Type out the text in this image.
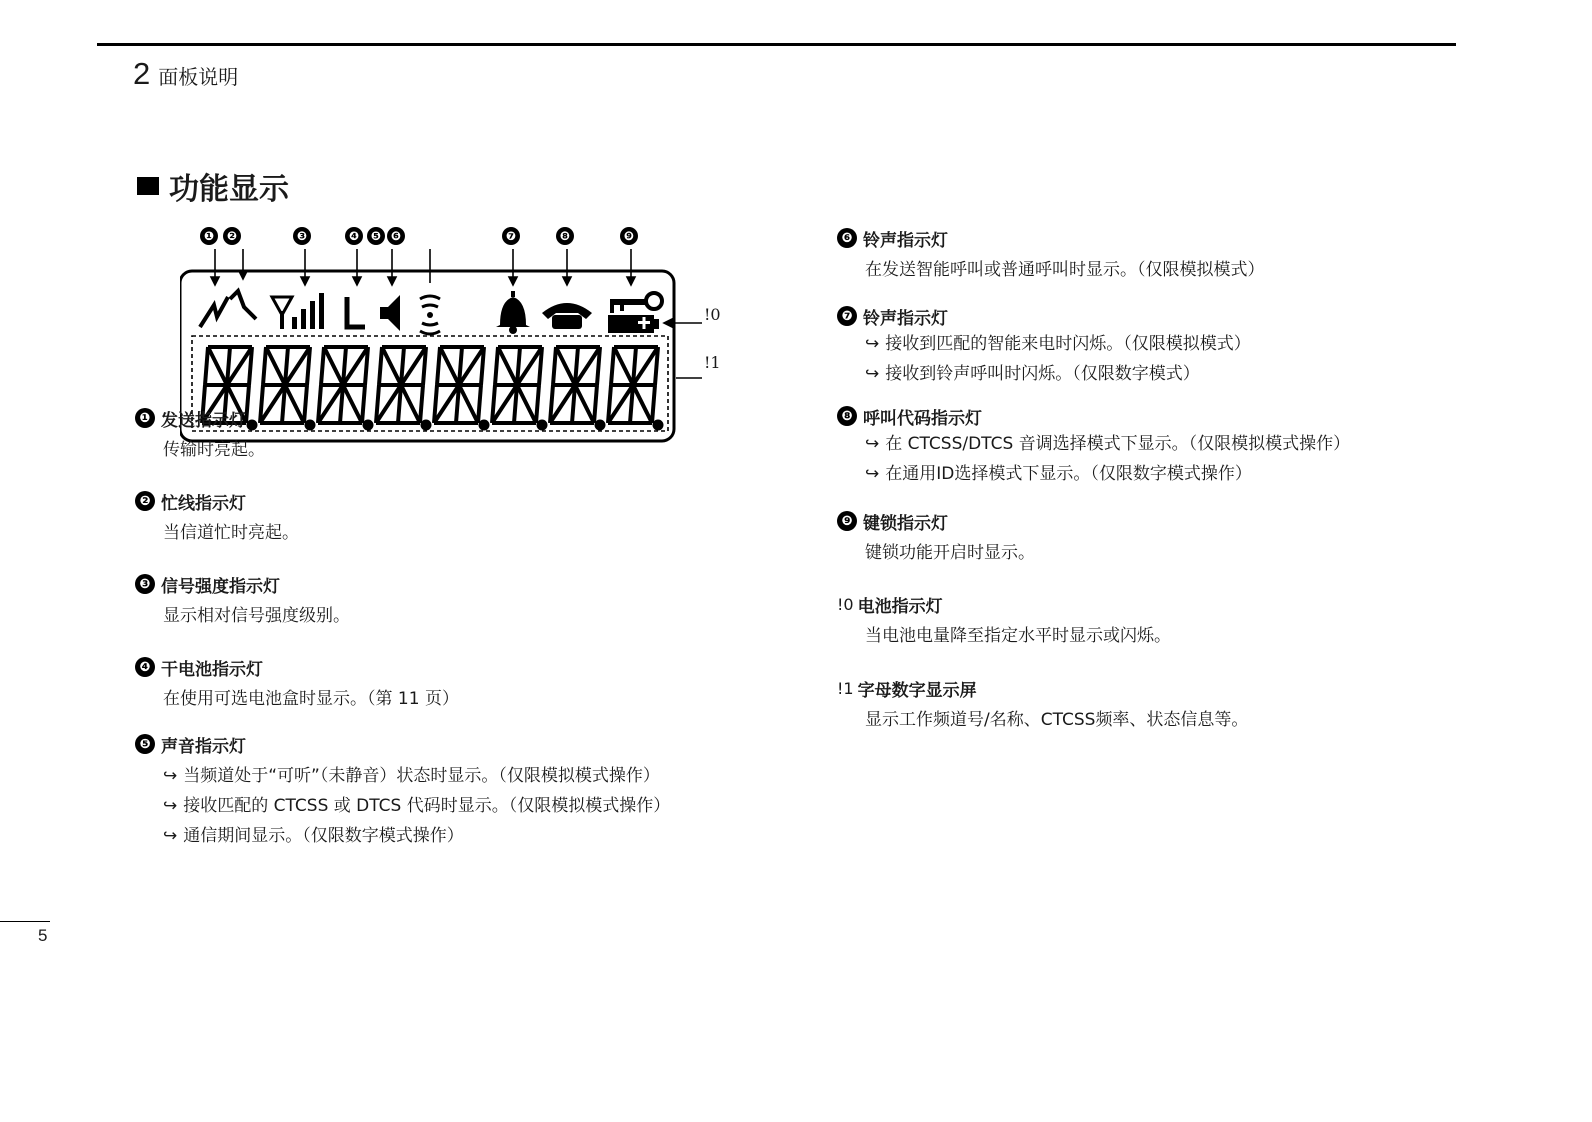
2 面板说明
功能显示
❶	❷	❸	❹ ❺ ❻	❼	❽	❾
!0
!1
❶ 发送指示灯
传输时亮起。
❷ 忙线指示灯
当信道忙时亮起。
❸ 信号强度指示灯
显示相对信号强度级别。
❹ 干电池指示灯
在使用可选电池盒时显示。（第 11 页）
❺ 声音指示灯
↪ 当频道处于“可听”（未静音）状态时显示。（仅限模拟模式操作）
↪ 接收匹配的 CTCSS 或 DTCS 代码时显示。（仅限模拟模式操作）
↪ 通信期间显示。（仅限数字模式操作）
❻ 铃声指示灯
在发送智能呼叫或普通呼叫时显示。（仅限模拟模式）
❼ 铃声指示灯
↪ 接收到匹配的智能来电时闪烁。（仅限模拟模式）
↪ 接收到铃声呼叫时闪烁。（仅限数字模式）
❽ 呼叫代码指示灯
↪ 在 CTCSS/DTCS 音调选择模式下显示。（仅限模拟模式操作）
↪ 在通用ID选择模式下显示。（仅限数字模式操作）
❾ 键锁指示灯
键锁功能开启时显示。
!0 电池指示灯
当电池电量降至指定水平时显示或闪烁。
!1 字母数字显示屏
显示工作频道号/名称、CTCSS频率、状态信息等。
5
